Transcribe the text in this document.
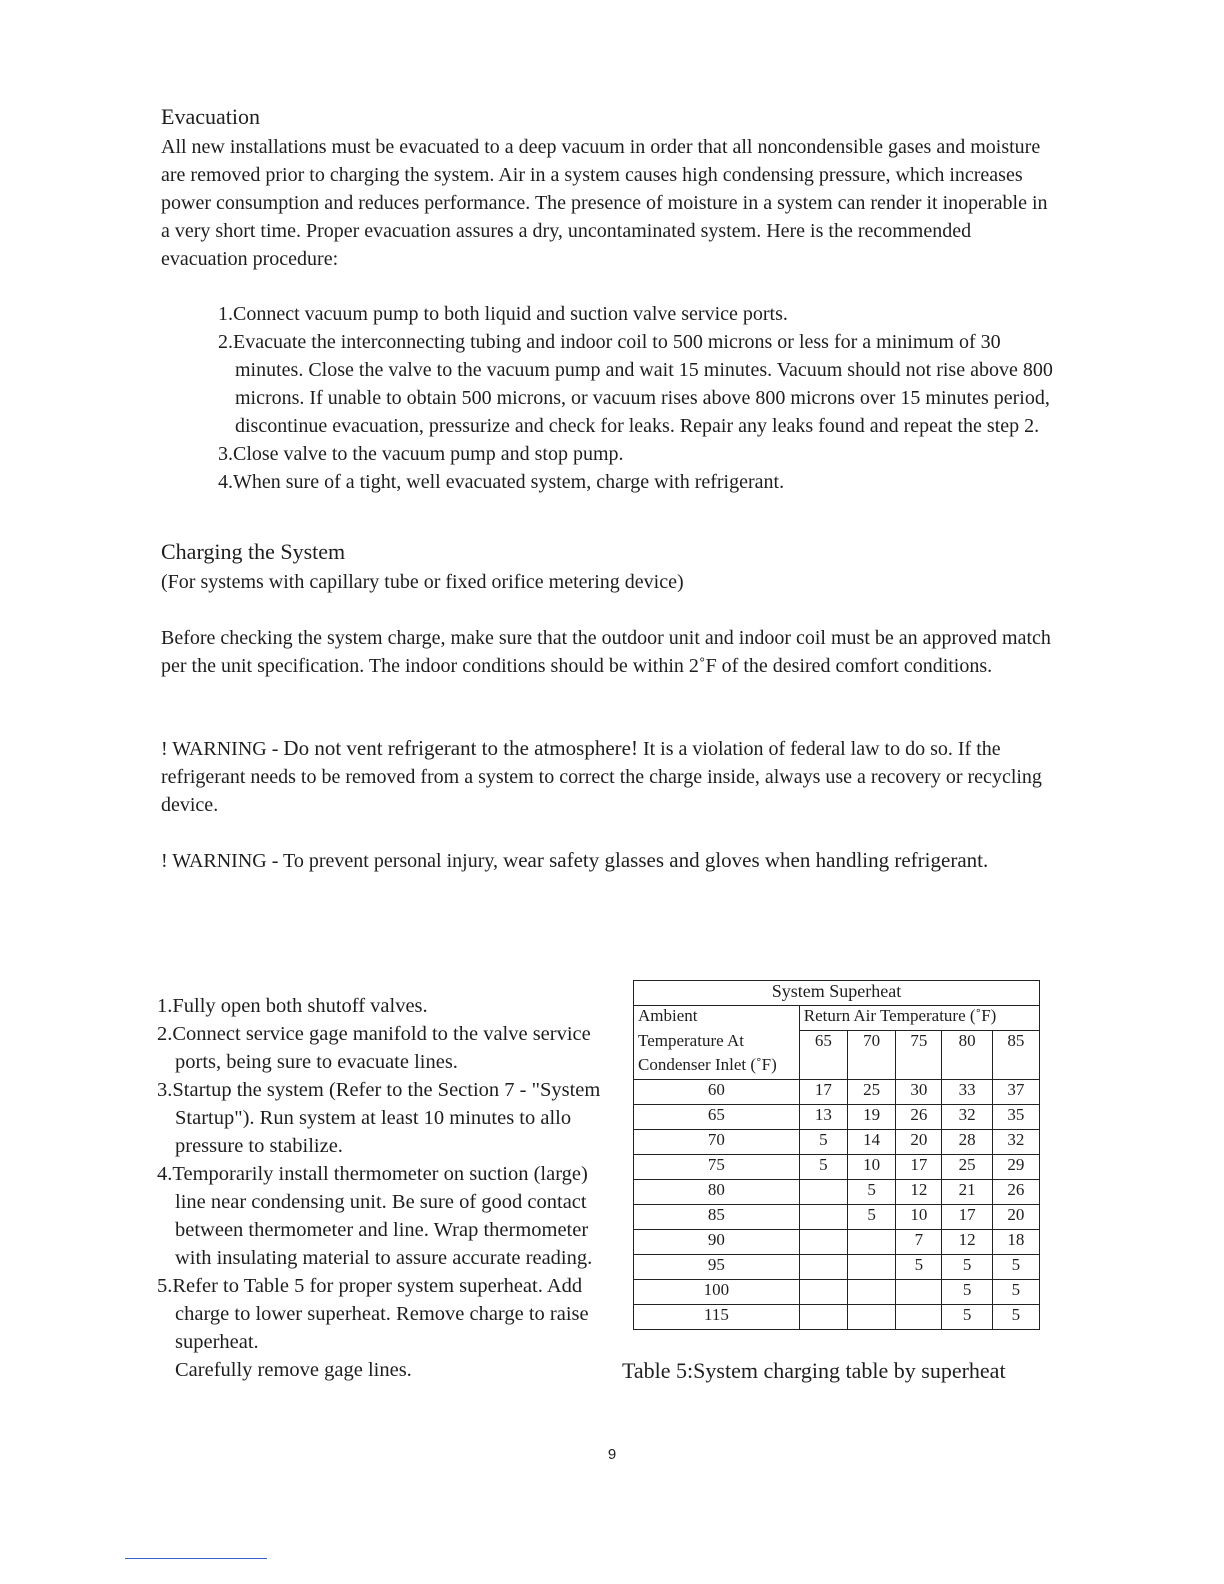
Evacuation

All new installations must be evacuated to a deep vacuum in order that all noncondensible gases and moisture are removed prior to charging the system. Air in a system causes high condensing pressure, which increases power consumption and reduces performance. The presence of moisture in a system can render it inoperable in a very short time. Proper evacuation assures a dry, uncontaminated system. Here is the recommended evacuation procedure:

1.Connect vacuum pump to both liquid and suction valve service ports.
2.Evacuate the interconnecting tubing and indoor coil to 500 microns or less for a minimum of 30 minutes. Close the valve to the vacuum pump and wait 15 minutes. Vacuum should not rise above 800 microns. If unable to obtain 500 microns, or vacuum rises above 800 microns over 15 minutes period, discontinue evacuation, pressurize and check for leaks. Repair any leaks found and repeat the step 2.
3.Close valve to the vacuum pump and stop pump.
4.When sure of a tight, well evacuated system, charge with refrigerant.
Charging the System
(For systems with capillary tube or fixed orifice metering device)

Before checking the system charge, make sure that the outdoor unit and indoor coil must be an approved match per the unit specification. The indoor conditions should be within 2˚F of the desired comfort conditions.

! WARNING - Do not vent refrigerant to the atmosphere! It is a violation of federal law to do so. If the refrigerant needs to be removed from a system to correct the charge inside, always use a recovery or recycling device.

! WARNING - To prevent personal injury, wear safety glasses and gloves when handling refrigerant.

1.Fully open both shutoff valves.
2.Connect service gage manifold to the valve service ports, being sure to evacuate lines.
3.Startup the system (Refer to the Section 7 - "System Startup"). Run system at least 10 minutes to allo pressure to stabilize.
4.Temporarily install thermometer on suction (large) line near condensing unit. Be sure of good contact between thermometer and line. Wrap thermometer with insulating material to assure accurate reading.
5.Refer to Table 5 for proper system superheat. Add charge to lower superheat. Remove charge to raise superheat.
Carefully remove gage lines.
System Superheat					
Ambient	Return Air Temperature (˚F)				
Temperature At	65	70	75	80	85
Condenser Inlet (˚F)					
60	17	25	30	33	37
65	13	19	26	32	35
70	5	14	20	28	32
75	5	10	17	25	29
80		5	12	21	26
85		5	10	17	20
90			7	12	18
95			5	5	5
100				5	5
115				5	5
Table 5:System charging table by superheat
9
